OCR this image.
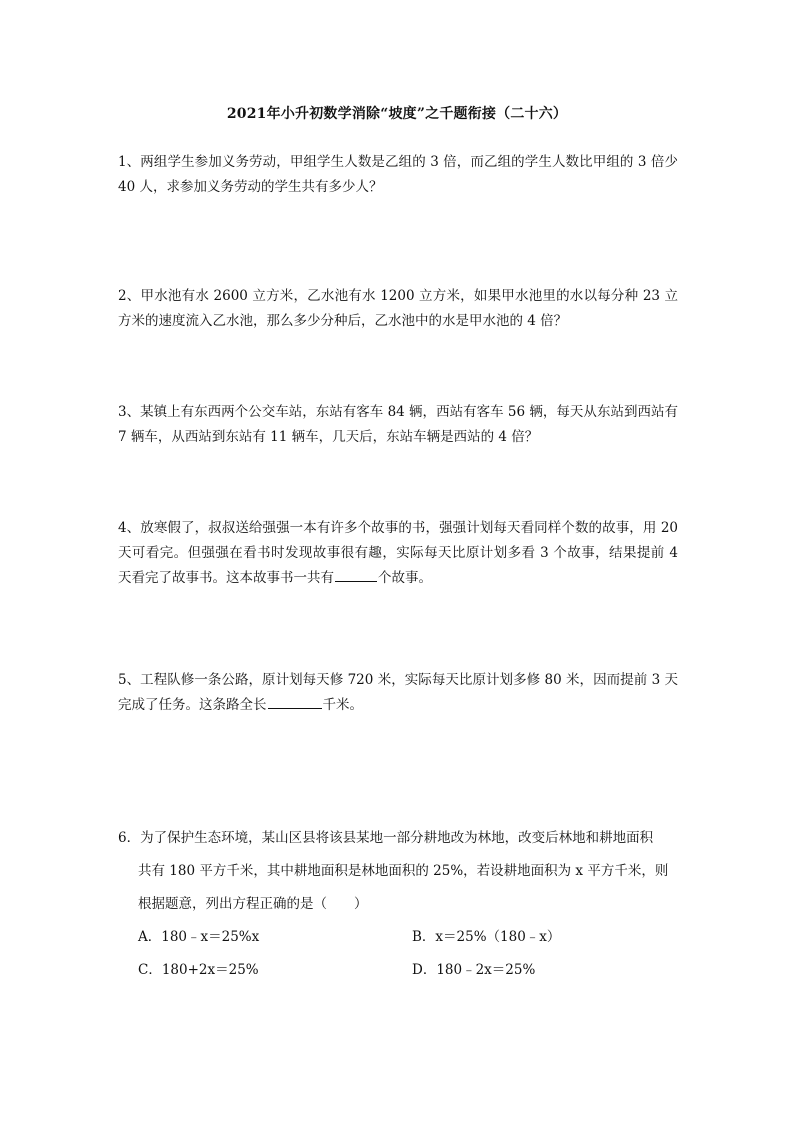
2021年小升初数学消除“坡度”之千题衔接（二十六）
1、两组学生参加义务劳动，甲组学生人数是乙组的 3 倍，而乙组的学生人数比甲组的 3 倍少 40 人，求参加义务劳动的学生共有多少人？
2、甲水池有水 2600 立方米，乙水池有水 1200 立方米，如果甲水池里的水以每分种 23 立方米的速度流入乙水池，那么多少分种后，乙水池中的水是甲水池的 4 倍？
3、某镇上有东西两个公交车站，东站有客车 84 辆，西站有客车 56 辆，每天从东站到西站有 7 辆车，从西站到东站有 11 辆车，几天后，东站车辆是西站的 4 倍？
4、放寒假了，叔叔送给强强一本有许多个故事的书，强强计划每天看同样个数的故事，用 20 天可看完。但强强在看书时发现故事很有趣，实际每天比原计划多看 3 个故事，结果提前 4 天看完了故事书。这本故事书一共有	个故事。
5、工程队修一条公路，原计划每天修 720 米，实际每天比原计划多修 80 米，因而提前 3 天完成了任务。这条路全长	千米。
6．为了保护生态环境，某山区县将该县某地一部分耕地改为林地，改变后林地和耕地面积
共有 180 平方千米，其中耕地面积是林地面积的 25%，若设耕地面积为 x 平方千米，则
根据题意，列出方程正确的是（　　）
A．180﹣x＝25%x	B．x＝25%（180﹣x）
C．180+2x＝25%	D．180﹣2x＝25%
